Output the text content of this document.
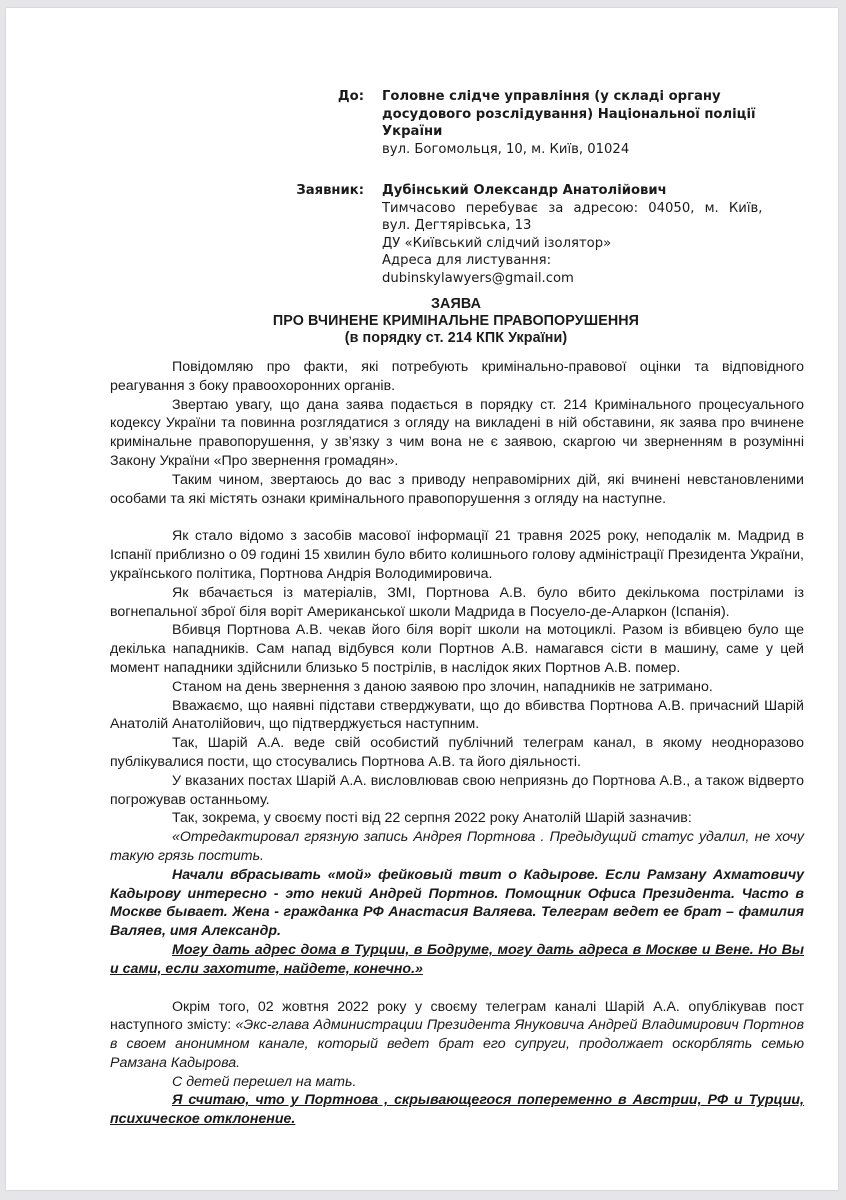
До: Головне слідче управління (у складі органу
досудового розслідування) Національної поліції
України
вул. Богомольця, 10, м. Київ, 01024
Заявник: Дубінський Олександр Анатолійович
Тимчасово перебуває за адресою: 04050, м. Київ,
вул. Дегтярівська, 13
ДУ «Київський слідчий ізолятор»
Адреса для листування:
dubinskylawyers@gmail.com
ЗАЯВА
ПРО ВЧИНЕНЕ КРИМІНАЛЬНЕ ПРАВОПОРУШЕННЯ
(в порядку ст. 214 КПК України)

Повідомляю про факти, які потребують кримінально-правової оцінки та відповідного реагування з боку правоохоронних органів.

Звертаю увагу, що дана заява подається в порядку ст. 214 Кримінального процесуального кодексу України та повинна розглядатися з огляду на викладені в ній обставини, як заява про вчинене кримінальне правопорушення, у зв’язку з чим вона не є заявою, скаргою чи зверненням в розумінні Закону України «Про звернення громадян».

Таким чином, звертаюсь до вас з приводу неправомірних дій, які вчинені невстановленими особами та які містять ознаки кримінального правопорушення з огляду на наступне.

Як стало відомо з засобів масової інформації 21 травня 2025 року, неподалік м. Мадрид в Іспанії приблизно о 09 годині 15 хвилин було вбито колишнього голову адміністрації Президента України, українського політика, Портнова Андрія Володимировича.

Як вбачається із матеріалів, ЗМІ, Портнова А.В. було вбито декількома пострілами із вогнепальної зброї біля воріт Американської школи Мадрида в Посуело-де-Аларкон (Іспанія).

Вбивця Портнова А.В. чекав його біля воріт школи на мотоциклі. Разом із вбивцею було ще декілька нападників. Сам напад відбувся коли Портнов А.В. намагався сісти в машину, саме у цей момент нападники здійснили близько 5 пострілів, в наслідок яких Портнов А.В. помер.

Станом на день звернення з даною заявою про злочин, нападників не затримано.

Вважаємо, що наявні підстави стверджувати, що до вбивства Портнова А.В. причасний Шарій Анатолій Анатолійович, що підтверджується наступним.

Так, Шарій А.А. веде свій особистий публічний телеграм канал, в якому неодноразово публікувалися пости, що стосувались Портнова А.В. та його діяльності.

У вказаних постах Шарій А.А. висловлював свою неприязнь до Портнова А.В., а також відверто погрожував останньому.

Так, зокрема, у своєму пості від 22 серпня 2022 року Анатолій Шарій зазначив:

«Отредактировал грязную запись Андрея Портнова . Предыдущий статус удалил, не хочу такую грязь постить.

Начали вбрасывать «мой» фейковый твит о Кадырове. Если Рамзану Ахматовичу Кадырову интересно - это некий Андрей Портнов. Помощник Офиса Президента. Часто в Москве бывает. Жена - гражданка РФ Анастасия Валяева. Телеграм ведет ее брат – фамилия Валяев, имя Александр.

Могу дать адрес дома в Турции, в Бодруме, могу дать адреса в Москве и Вене. Но Вы и сами, если захотите, найдете, конечно.»

Окрім того, 02 жовтня 2022 року у своєму телеграм каналі Шарій А.А. опублікував пост наступного змісту: «Экс-глава Администрации Президента Януковича Андрей Владимирович Портнов в своем анонимном канале, который ведет брат его супруги, продолжает оскорблять семью Рамзана Кадырова.

С детей перешел на мать.

Я считаю, что у Портнова , скрывающегося попеременно в Австрии, РФ и Турции, психическое отклонение.
